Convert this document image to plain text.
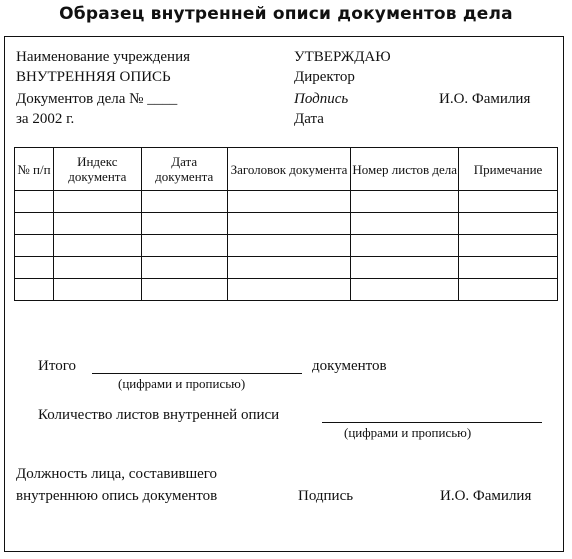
Образец внутренней описи документов дела
Наименование учреждения
ВНУТРЕННЯЯ ОПИСЬ
Документов дела № ____
за 2002 г.
УТВЕРЖДАЮ
Директор
Подпись	И.О. Фамилия
Дата
№ п/п	Индекс документа	Дата документа	Заголовок документа	Номер листов дела	Примечание

Итого	документов
(цифрами и прописью)
Количество листов внутренней описи
(цифрами и прописью)
Должность лица, составившего
внутреннюю опись документов	Подпись	И.О. Фамилия
